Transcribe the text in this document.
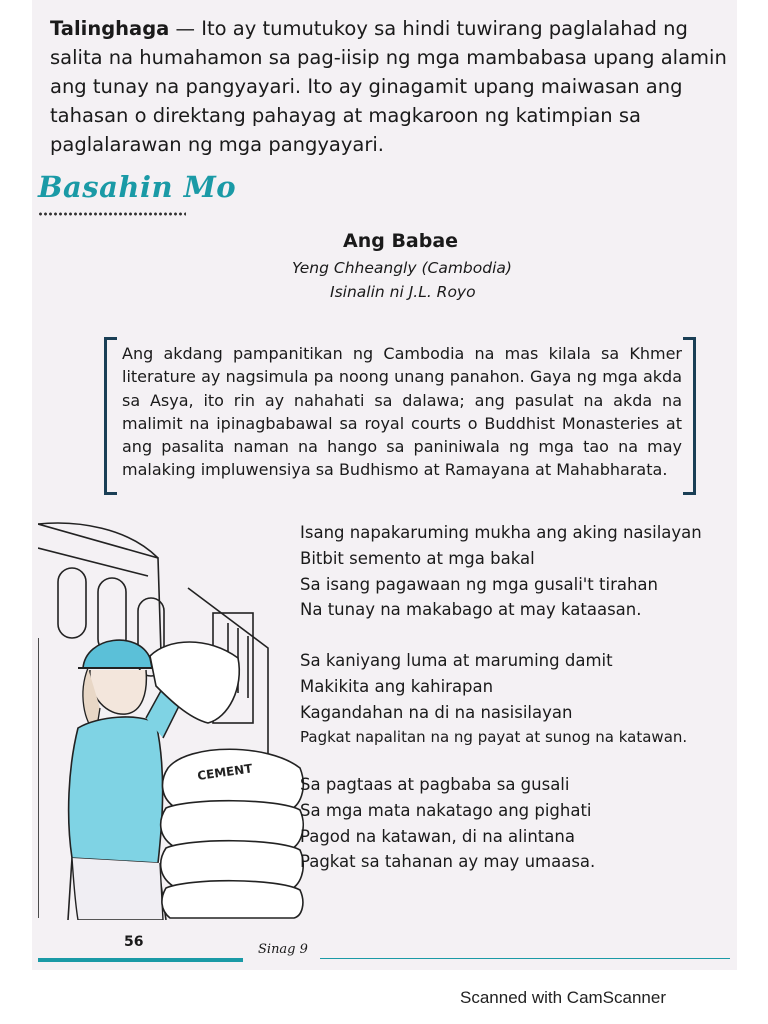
Talinghaga — Ito ay tumutukoy sa hindi tuwirang paglalahad ng salita na humahamon sa pag-iisip ng mga mambabasa upang alamin ang tunay na pangyayari. Ito ay ginagamit upang maiwasan ang tahasan o direktang pahayag at magkaroon ng katimpian sa paglalarawan ng mga pangyayari.
Basahin Mo
Ang Babae
Yeng Chheangly (Cambodia)
Isinalin ni J.L. Royo
Ang akdang pampanitikan ng Cambodia na mas kilala sa Khmer literature ay nagsimula pa noong unang panahon. Gaya ng mga akda sa Asya, ito rin ay nahahati sa dalawa; ang pasulat na akda na malimit na ipinagbabawal sa royal courts o Buddhist Monasteries at ang pasalita naman na hango sa paniniwala ng mga tao na may malaking impluwensiya sa Budhismo at Ramayana at Mahabharata.
CEMENT
Isang napakaruming mukha ang aking nasilayan
Bitbit semento at mga bakal
Sa isang pagawaan ng mga gusali't tirahan
Na tunay na makabago at may kataasan.
Sa kaniyang luma at maruming damit
Makikita ang kahirapan
Kagandahan na di na nasisilayan
Pagkat napalitan na ng payat at sunog na katawan.
Sa pagtaas at pagbaba sa gusali
Sa mga mata nakatago ang pighati
Pagod na katawan, di na alintana
Pagkat sa tahanan ay may umaasa.
56	Sinag 9
Scanned with CamScanner
